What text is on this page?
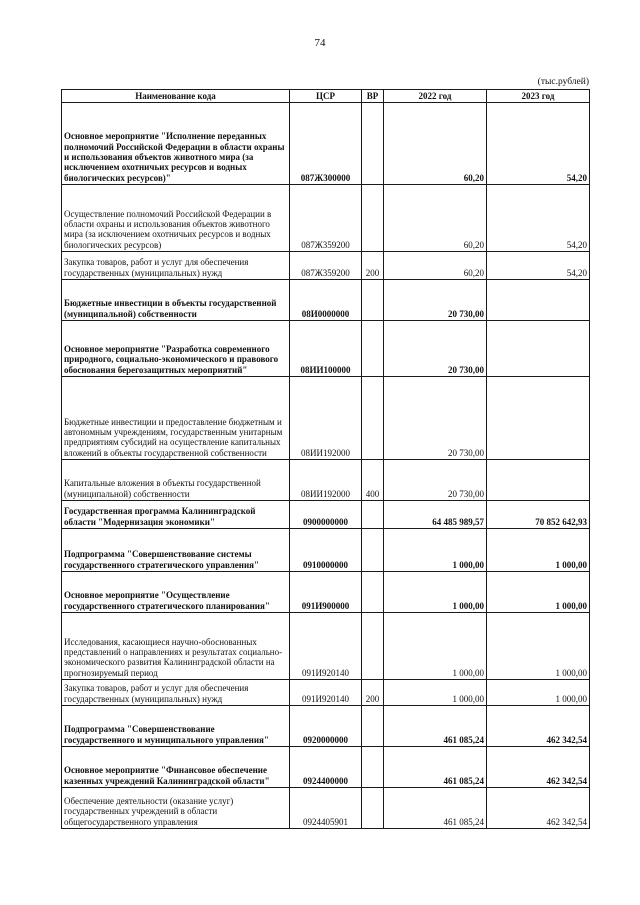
74
(тыс.рублей)
Наименование кода	ЦСР	ВР	2022 год	2023 год
Основное мероприятие "Исполнение переданных полномочий Российской Федерации в области охраны и использования объектов животного мира (за исключением охотничьих ресурсов и водных биологических ресурсов)"	087Ж300000		60,20	54,20
Осуществление полномочий Российской Федерации в области охраны и использования объектов животного мира (за исключением охотничьих ресурсов и водных биологических ресурсов)	087Ж359200		60,20	54,20
Закупка товаров, работ и услуг для обеспечения государственных (муниципальных) нужд	087Ж359200	200	60,20	54,20
Бюджетные инвестиции в объекты государственной (муниципальной) собственности	08И0000000		20 730,00	
Основное мероприятие "Разработка современного природного, социально-экономического и правового обоснования берегозащитных мероприятий"	08ИИ100000		20 730,00	
Бюджетные инвестиции и предоставление бюджетным и автономным учреждениям, государственным унитарным предприятиям субсидий на осуществление капитальных вложений в объекты государственной собственности	08ИИ192000		20 730,00	
Капитальные вложения в объекты государственной (муниципальной) собственности	08ИИ192000	400	20 730,00	
Государственная программа Калининградской области "Модернизация экономики"	0900000000		64 485 989,57	70 852 642,93
Подпрограмма "Совершенствование системы государственного стратегического управления"	0910000000		1 000,00	1 000,00
Основное мероприятие "Осуществление государственного стратегического планирования"	091И900000		1 000,00	1 000,00
Исследования, касающиеся научно-обоснованных представлений о направлениях и результатах социально-экономического развития Калининградской области на прогнозируемый период	091И920140		1 000,00	1 000,00
Закупка товаров, работ и услуг для обеспечения государственных (муниципальных) нужд	091И920140	200	1 000,00	1 000,00
Подпрограмма "Совершенствование государственного и муниципального управления"	0920000000		461 085,24	462 342,54
Основное мероприятие "Финансовое обеспечение казенных учреждений Калининградской области"	0924400000		461 085,24	462 342,54
Обеспечение деятельности (оказание услуг) государственных учреждений в области общегосударственного управления	0924405901		461 085,24	462 342,54
